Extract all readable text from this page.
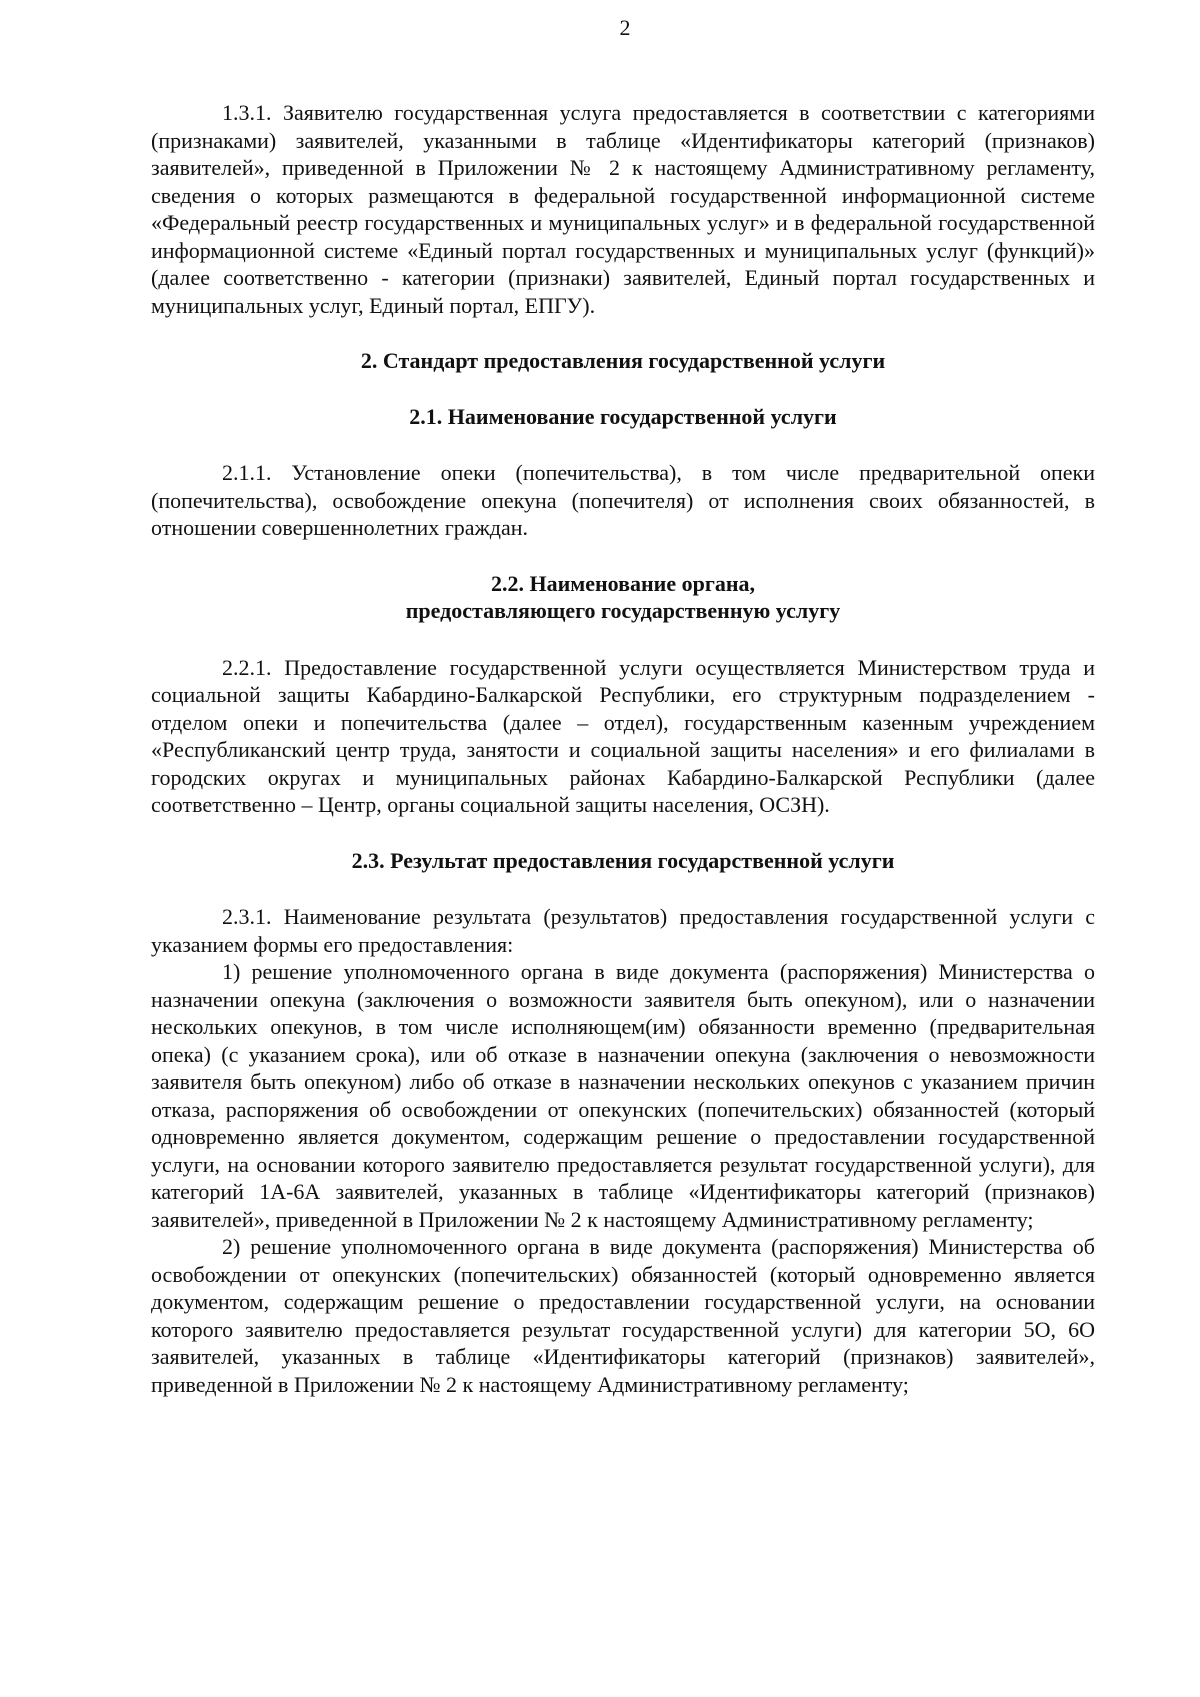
2

1.3.1. Заявителю государственная услуга предоставляется в соответствии с категориями (признаками) заявителей, указанными в таблице «Идентификаторы категорий (признаков) заявителей», приведенной в Приложении № 2 к настоящему Административному регламенту, сведения о которых размещаются в федеральной государственной информационной системе «Федеральный реестр государственных и муниципальных услуг» и в федеральной государственной информационной системе «Единый портал государственных и муниципальных услуг (функций)» (далее соответственно - категории (признаки) заявителей, Единый портал государственных и муниципальных услуг, Единый портал, ЕПГУ).

2. Стандарт предоставления государственной услуги
2.1. Наименование государственной услуги

2.1.1. Установление опеки (попечительства), в том числе предварительной опеки (попечительства), освобождение опекуна (попечителя) от исполнения своих обязанностей, в отношении совершеннолетних граждан.

2.2. Наименование органа,
предоставляющего государственную услугу

2.2.1. Предоставление государственной услуги осуществляется Министерством труда и социальной защиты Кабардино-Балкарской Республики, его структурным подразделением - отделом опеки и попечительства (далее – отдел), государственным казенным учреждением «Республиканский центр труда, занятости и социальной защиты населения» и его филиалами в городских округах и муниципальных районах Кабардино-Балкарской Республики (далее соответственно – Центр, органы социальной защиты населения, ОСЗН).

2.3. Результат предоставления государственной услуги

2.3.1. Наименование результата (результатов) предоставления государственной услуги с указанием формы его предоставления:

1) решение уполномоченного органа в виде документа (распоряжения) Министерства о назначении опекуна (заключения о возможности заявителя быть опекуном), или о назначении нескольких опекунов, в том числе исполняющем(им) обязанности временно (предварительная опека) (с указанием срока), или об отказе в назначении опекуна (заключения о невозможности заявителя быть опекуном) либо об отказе в назначении нескольких опекунов с указанием причин отказа, распоряжения об освобождении от опекунских (попечительских) обязанностей (который одновременно является документом, содержащим решение о предоставлении государственной услуги, на основании которого заявителю предоставляется результат государственной услуги), для категорий 1А-6А заявителей, указанных в таблице «Идентификаторы категорий (признаков) заявителей», приведенной в Приложении № 2 к настоящему Административному регламенту;

2) решение уполномоченного органа в виде документа (распоряжения) Министерства об освобождении от опекунских (попечительских) обязанностей (который одновременно является документом, содержащим решение о предоставлении государственной услуги, на основании которого заявителю предоставляется результат государственной услуги) для категории 5О, 6О заявителей, указанных в таблице «Идентификаторы категорий (признаков) заявителей», приведенной в Приложении № 2 к настоящему Административному регламенту;
